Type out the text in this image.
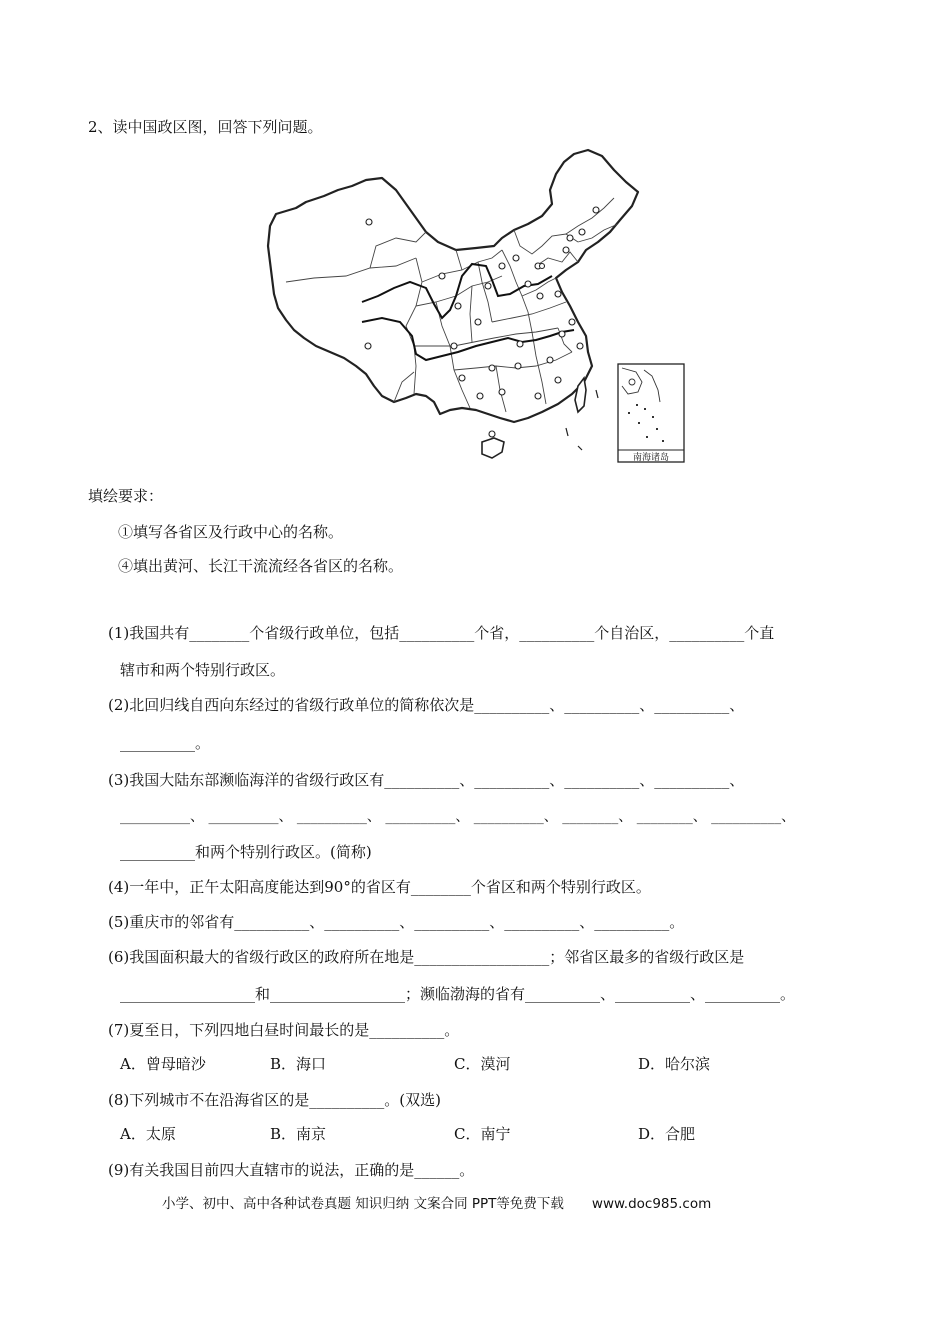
2、读中国政区图，回答下列问题。
南海诸岛
填绘要求：
①填写各省区及行政中心的名称。
④填出黄河、长江干流流经各省区的名称。
(1)我国共有________个省级行政单位，包括__________个省，__________个自治区，__________个直
辖市和两个特别行政区。
(2)北回归线自西向东经过的省级行政单位的简称依次是__________、__________、__________、
__________。
(3)我国大陆东部濒临海洋的省级行政区有__________、__________、__________、__________、
__________、 __________、 __________、 __________、 __________、 ________、 ________、 __________、
__________和两个特别行政区。(简称)
(4)一年中，正午太阳高度能达到90°的省区有________个省区和两个特别行政区。
(5)重庆市的邻省有__________、__________、__________、__________、__________。
(6)我国面积最大的省级行政区的政府所在地是__________________；邻省区最多的省级行政区是
__________________和__________________；濒临渤海的省有__________、__________、__________。
(7)夏至日，下列四地白昼时间最长的是__________。
A．曾母暗沙	B．海口	C．漠河	D．哈尔滨
(8)下列城市不在沿海省区的是__________。(双选)
A．太原	B．南京	C．南宁	D．合肥
(9)有关我国目前四大直辖市的说法，正确的是______。
小学、初中、高中各种试卷真题 知识归纳 文案合同 PPT等免费下载 www.doc985.com
